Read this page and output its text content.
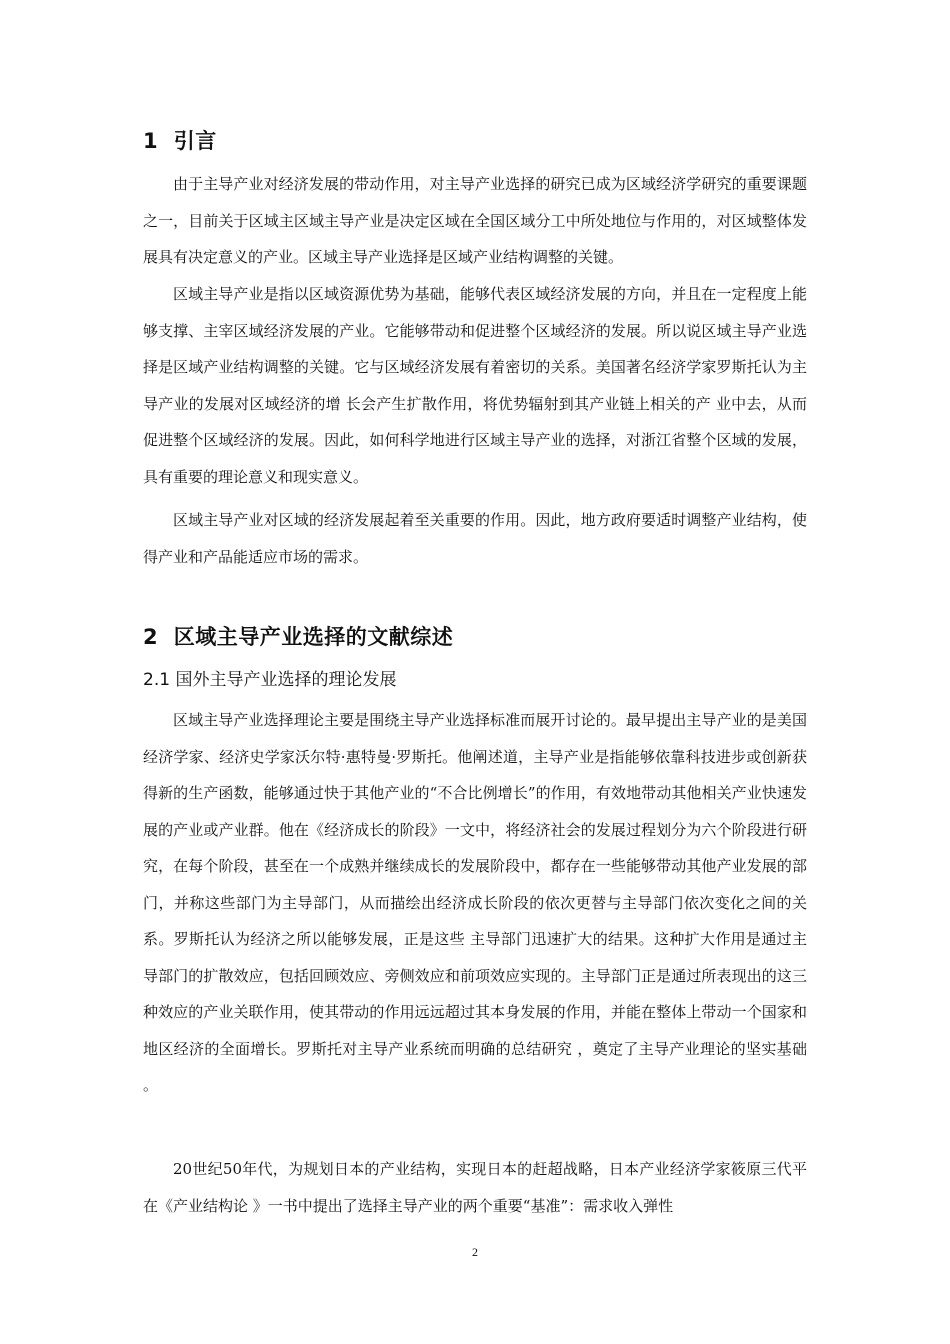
1  引言

由于主导产业对经济发展的带动作用，对主导产业选择的研究已成为区域经济学研究的重要课题之一，目前关于区域主区域主导产业是决定区域在全国区域分工中所处地位与作用的，对区域整体发展具有决定意义的产业。区域主导产业选择是区域产业结构调整的关键。

区域主导产业是指以区域资源优势为基础，能够代表区域经济发展的方向，并且在一定程度上能够支撑、主宰区域经济发展的产业。它能够带动和促进整个区域经济的发展。所以说区域主导产业选择是区域产业结构调整的关键。它与区域经济发展有着密切的关系。美国著名经济学家罗斯托认为主导产业的发展对区域经济的增 长会产生扩散作用，将优势辐射到其产业链上相关的产 业中去，从而促进整个区域经济的发展。因此，如何科学地进行区域主导产业的选择，对浙江省整个区域的发展，具有重要的理论意义和现实意义。

区域主导产业对区域的经济发展起着至关重要的作用。因此，地方政府要适时调整产业结构，使得产业和产品能适应市场的需求。

2  区域主导产业选择的文献综述
2.1 国外主导产业选择的理论发展

区域主导产业选择理论主要是围绕主导产业选择标准而展开讨论的。最早提出主导产业的是美国经济学家、经济史学家沃尔特·惠特曼·罗斯托。他阐述道，主导产业是指能够依靠科技进步或创新获得新的生产函数，能够通过快于其他产业的“不合比例增长”的作用，有效地带动其他相关产业快速发展的产业或产业群。他在《经济成长的阶段》一文中，将经济社会的发展过程划分为六个阶段进行研究，在每个阶段，甚至在一个成熟并继续成长的发展阶段中，都存在一些能够带动其他产业发展的部门，并称这些部门为主导部门，从而描绘出经济成长阶段的依次更替与主导部门依次变化之间的关系。罗斯托认为经济之所以能够发展，正是这些 主导部门迅速扩大的结果。这种扩大作用是通过主导部门的扩散效应，包括回顾效应、旁侧效应和前项效应实现的。主导部门正是通过所表现出的这三种效应的产业关联作用，使其带动的作用远远超过其本身发展的作用，并能在整体上带动一个国家和地区经济的全面增长。罗斯托对主导产业系统而明确的总结研究 ，奠定了主导产业理论的坚实基础 。

20世纪50年代，为规划日本的产业结构，实现日本的赶超战略，日本产业经济学家筱原三代平在《产业结构论 》一书中提出了选择主导产业的两个重要“基准”：需求收入弹性

2
